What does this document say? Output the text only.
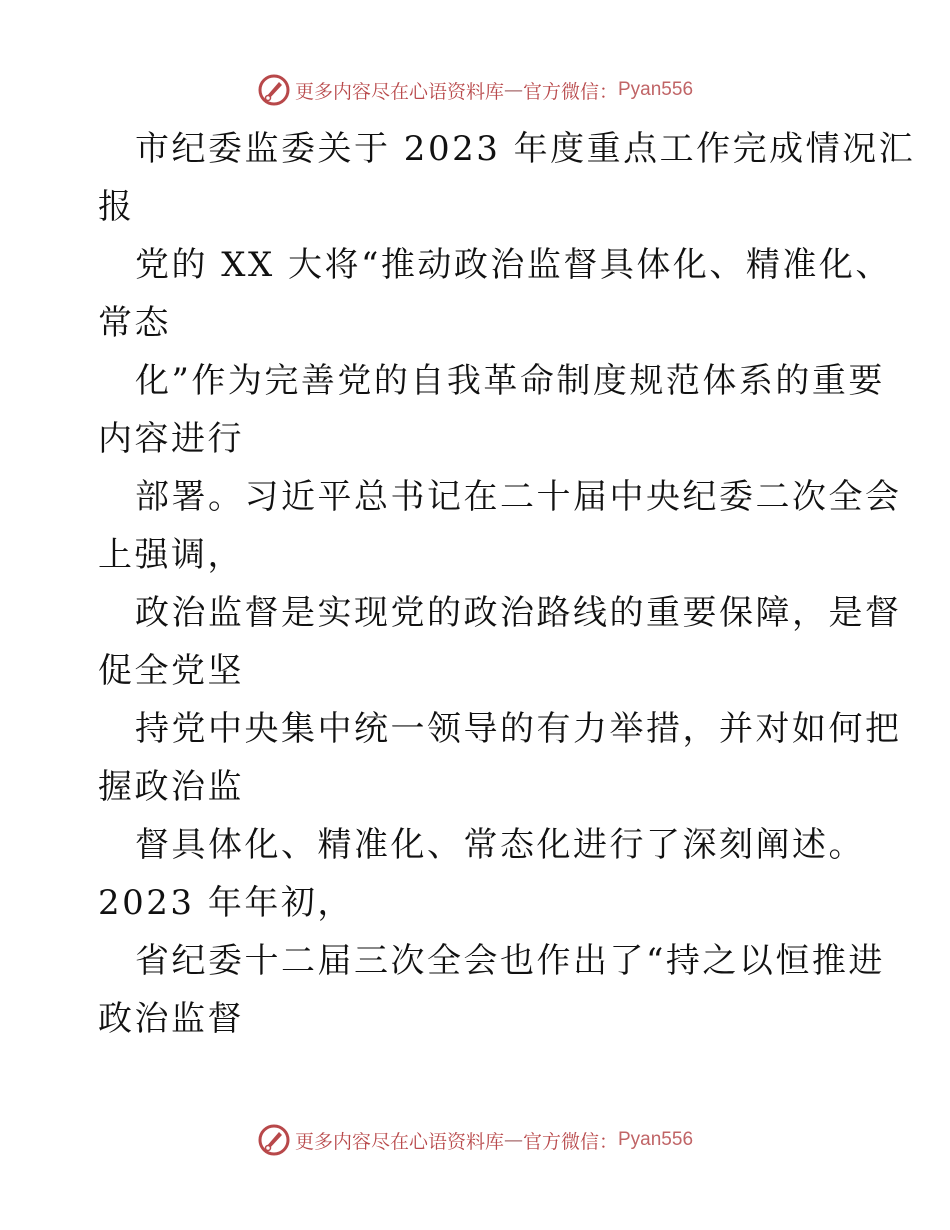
更多内容尽在心语资料库 — 官方微信： Pyan556
市纪委监委关于 2023 年度重点工作完成情况汇
报
党的 XX 大将“推动政治监督具体化、精准化、
常态
化”作为完善党的自我革命制度规范体系的重要
内容进行
部署。习近平总书记在二十届中央纪委二次全会
上强调，
政治监督是实现党的政治路线的重要保障，是督
促全党坚
持党中央集中统一领导的有力举措，并对如何把
握政治监
督具体化、精准化、常态化进行了深刻阐述。
2023 年年初，
省纪委十二届三次全会也作出了“持之以恒推进
政治监督
更多内容尽在心语资料库 — 官方微信： Pyan556
